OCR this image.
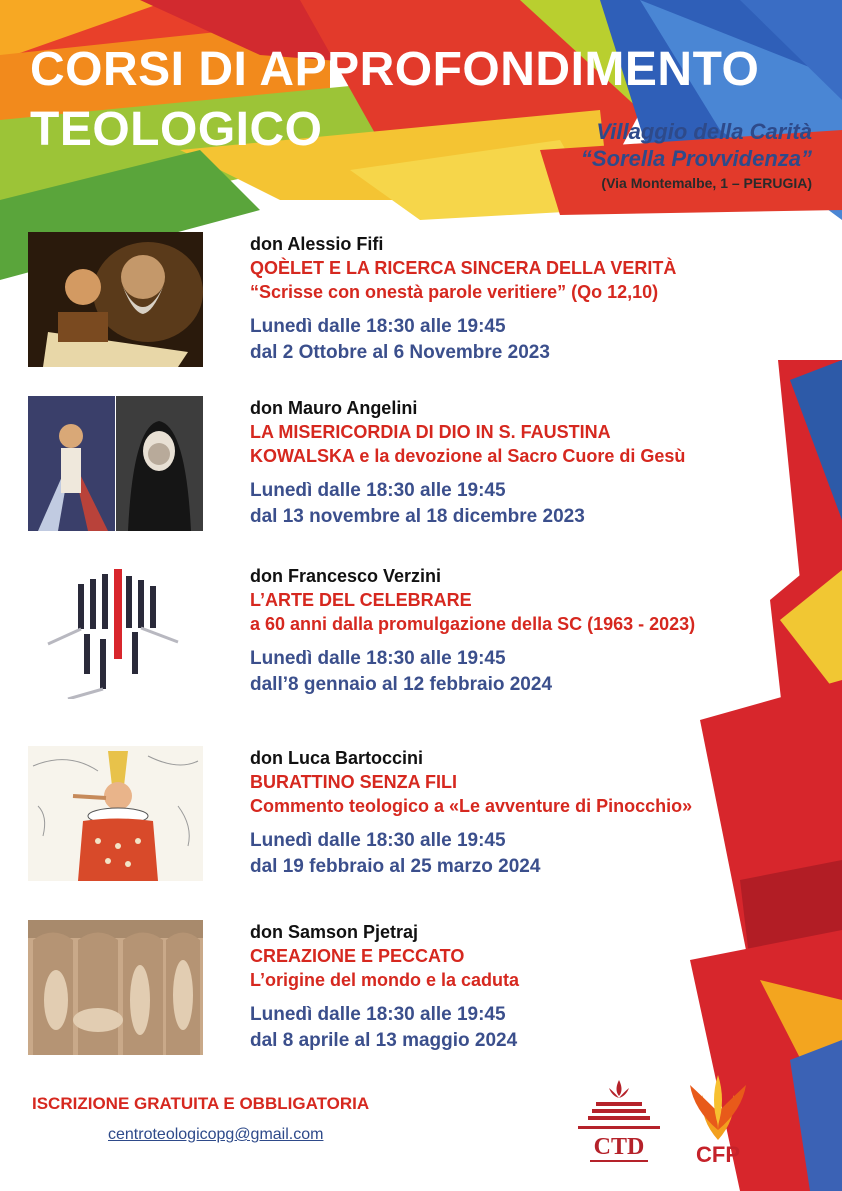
CORSI DI APPROFONDIMENTO
TEOLOGICO	Villaggio della Carità
“Sorella Provvidenza”
(Via Montemalbe, 1 – PERUGIA)
don Alessio Fifi
QOÈLET E LA RICERCA SINCERA DELLA VERITÀ
“Scrisse con onestà parole veritiere” (Qo 12,10)
Lunedì dalle 18:30 alle 19:45
dal 2 Ottobre al 6 Novembre 2023
don Mauro Angelini
LA MISERICORDIA DI DIO IN S. FAUSTINA
KOWALSKA e la devozione al Sacro Cuore di Gesù
Lunedì dalle 18:30 alle 19:45
dal 13 novembre al 18 dicembre 2023
don Francesco Verzini
L’ARTE DEL CELEBRARE
a 60 anni dalla promulgazione della SC (1963 - 2023)
Lunedì dalle 18:30 alle 19:45
dall’8 gennaio al 12 febbraio 2024
don Luca Bartoccini
BURATTINO SENZA FILI
Commento teologico a «Le avventure di Pinocchio»
Lunedì dalle 18:30 alle 19:45
dal 19 febbraio al 25 marzo 2024
don Samson Pjetraj
CREAZIONE E PECCATO
L’origine del mondo e la caduta
Lunedì dalle 18:30 alle 19:45
dal 8 aprile al 13 maggio 2024
ISCRIZIONE GRATUITA E OBBLIGATORIA
centroteologicopg@gmail.com	CTD CFP
